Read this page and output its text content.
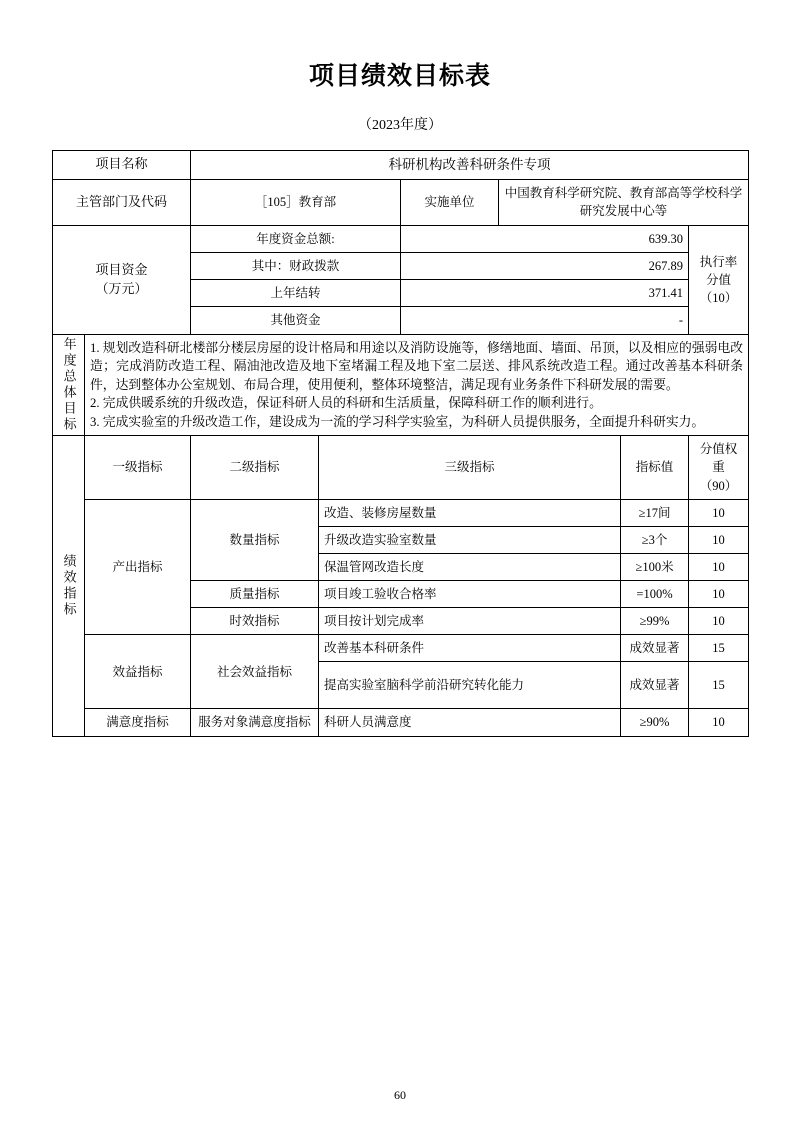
项目绩效目标表
（2023年度）
项目名称		科研机构改善科研条件专项					
主管部门及代码		［105］教育部		实施单位	中国教育科学研究院、教育部高等学校科学研究发展中心等		

项目资金
（万元）
	年度资金总额:	639.30	
执行率
分值
（10）

		其中：财政拨款		267.89			
		上年结转		371.41			
		其他资金		-			

年度总体目标	1. 规划改造科研北楼部分楼层房屋的设计格局和用途以及消防设施等，修缮地面、墙面、吊顶，以及相应的强弱电改造；完成消防改造工程、隔油池改造及地下室堵漏工程及地下室二层送、排风系统改造工程。通过改善基本科研条件，达到整体办公室规划、布局合理，使用便利，整体环境整洁，满足现有业务条件下科研发展的需要。

2. 完成供暖系统的升级改造，保证科研人员的科研和生活质量，保障科研工作的顺利进行。

3. 完成实验室的升级改造工作，建设成为一流的学习科学实验室，为科研人员提供服务，全面提升科研实力。						

绩效指标	一级指标	二级指标	三级指标			指标值	分值权重
（90）

	产出指标	数量指标	改造、装修房屋数量			≥17间	10
			升级改造实验室数量			≥3个	10
			保温管网改造长度			≥100米	10
		质量指标	项目竣工验收合格率			=100%	10
		时效指标	项目按计划完成率			≥99%	10
	效益指标	社会效益指标	改善基本科研条件			成效显著	15
			提高实验室脑科学前沿研究转化能力			成效显著	15
	满意度指标	服务对象满意度指标	科研人员满意度			≥90%	10
60
